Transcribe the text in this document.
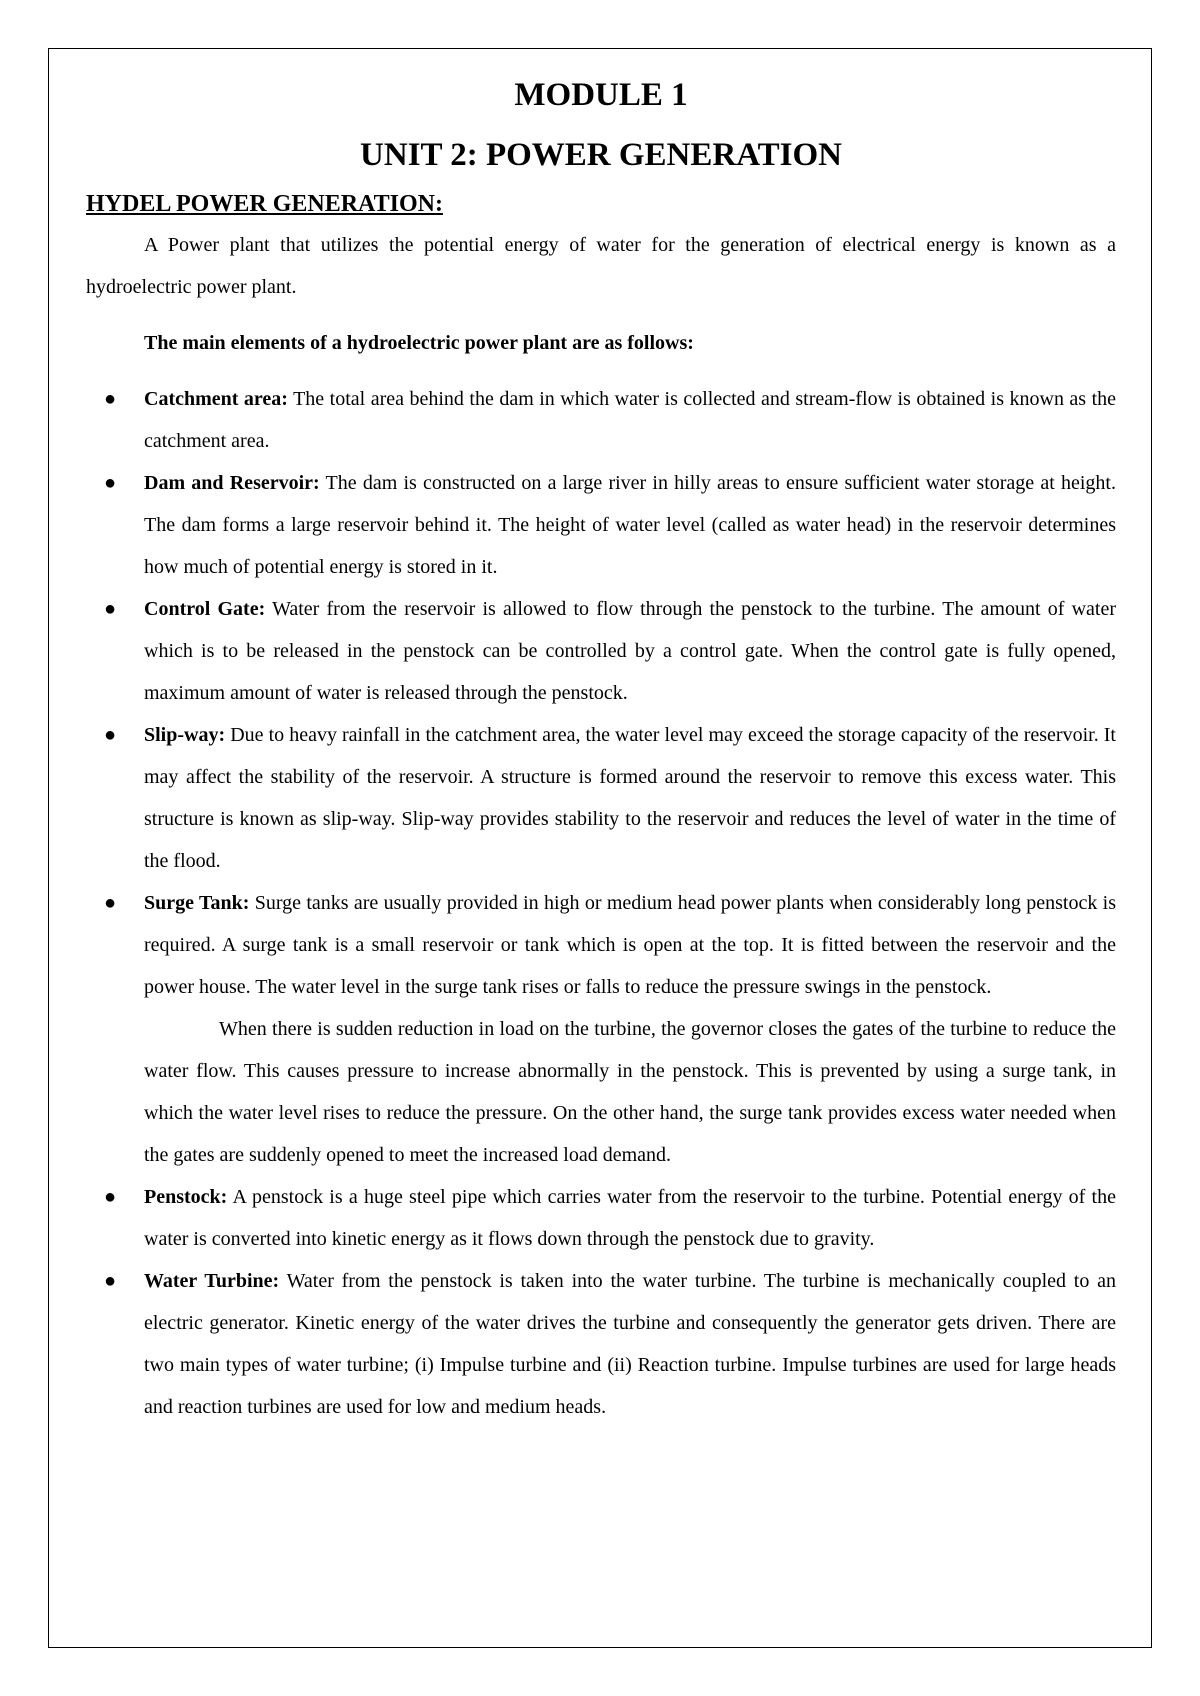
MODULE 1
UNIT 2: POWER GENERATION
HYDEL POWER GENERATION:

A Power plant that utilizes the potential energy of water for the generation of electrical energy is known as a hydroelectric power plant.

The main elements of a hydroelectric power plant are as follows:

● Catchment area: The total area behind the dam in which water is collected and stream-flow is obtained is known as the catchment area.
● Dam and Reservoir: The dam is constructed on a large river in hilly areas to ensure sufficient water storage at height. The dam forms a large reservoir behind it. The height of water level (called as water head) in the reservoir determines how much of potential energy is stored in it.
● Control Gate: Water from the reservoir is allowed to flow through the penstock to the turbine. The amount of water which is to be released in the penstock can be controlled by a control gate. When the control gate is fully opened, maximum amount of water is released through the penstock.
● Slip-way: Due to heavy rainfall in the catchment area, the water level may exceed the storage capacity of the reservoir. It may affect the stability of the reservoir. A structure is formed around the reservoir to remove this excess water. This structure is known as slip-way. Slip-way provides stability to the reservoir and reduces the level of water in the time of the flood.
● Surge Tank: Surge tanks are usually provided in high or medium head power plants when considerably long penstock is required. A surge tank is a small reservoir or tank which is open at the top. It is fitted between the reservoir and the power house. The water level in the surge tank rises or falls to reduce the pressure swings in the penstock.

When there is sudden reduction in load on the turbine, the governor closes the gates of the turbine to reduce the water flow. This causes pressure to increase abnormally in the penstock. This is prevented by using a surge tank, in which the water level rises to reduce the pressure. On the other hand, the surge tank provides excess water needed when the gates are suddenly opened to meet the increased load demand.

● Penstock: A penstock is a huge steel pipe which carries water from the reservoir to the turbine. Potential energy of the water is converted into kinetic energy as it flows down through the penstock due to gravity.
● Water Turbine: Water from the penstock is taken into the water turbine. The turbine is mechanically coupled to an electric generator. Kinetic energy of the water drives the turbine and consequently the generator gets driven. There are two main types of water turbine; (i) Impulse turbine and (ii) Reaction turbine. Impulse turbines are used for large heads and reaction turbines are used for low and medium heads.
